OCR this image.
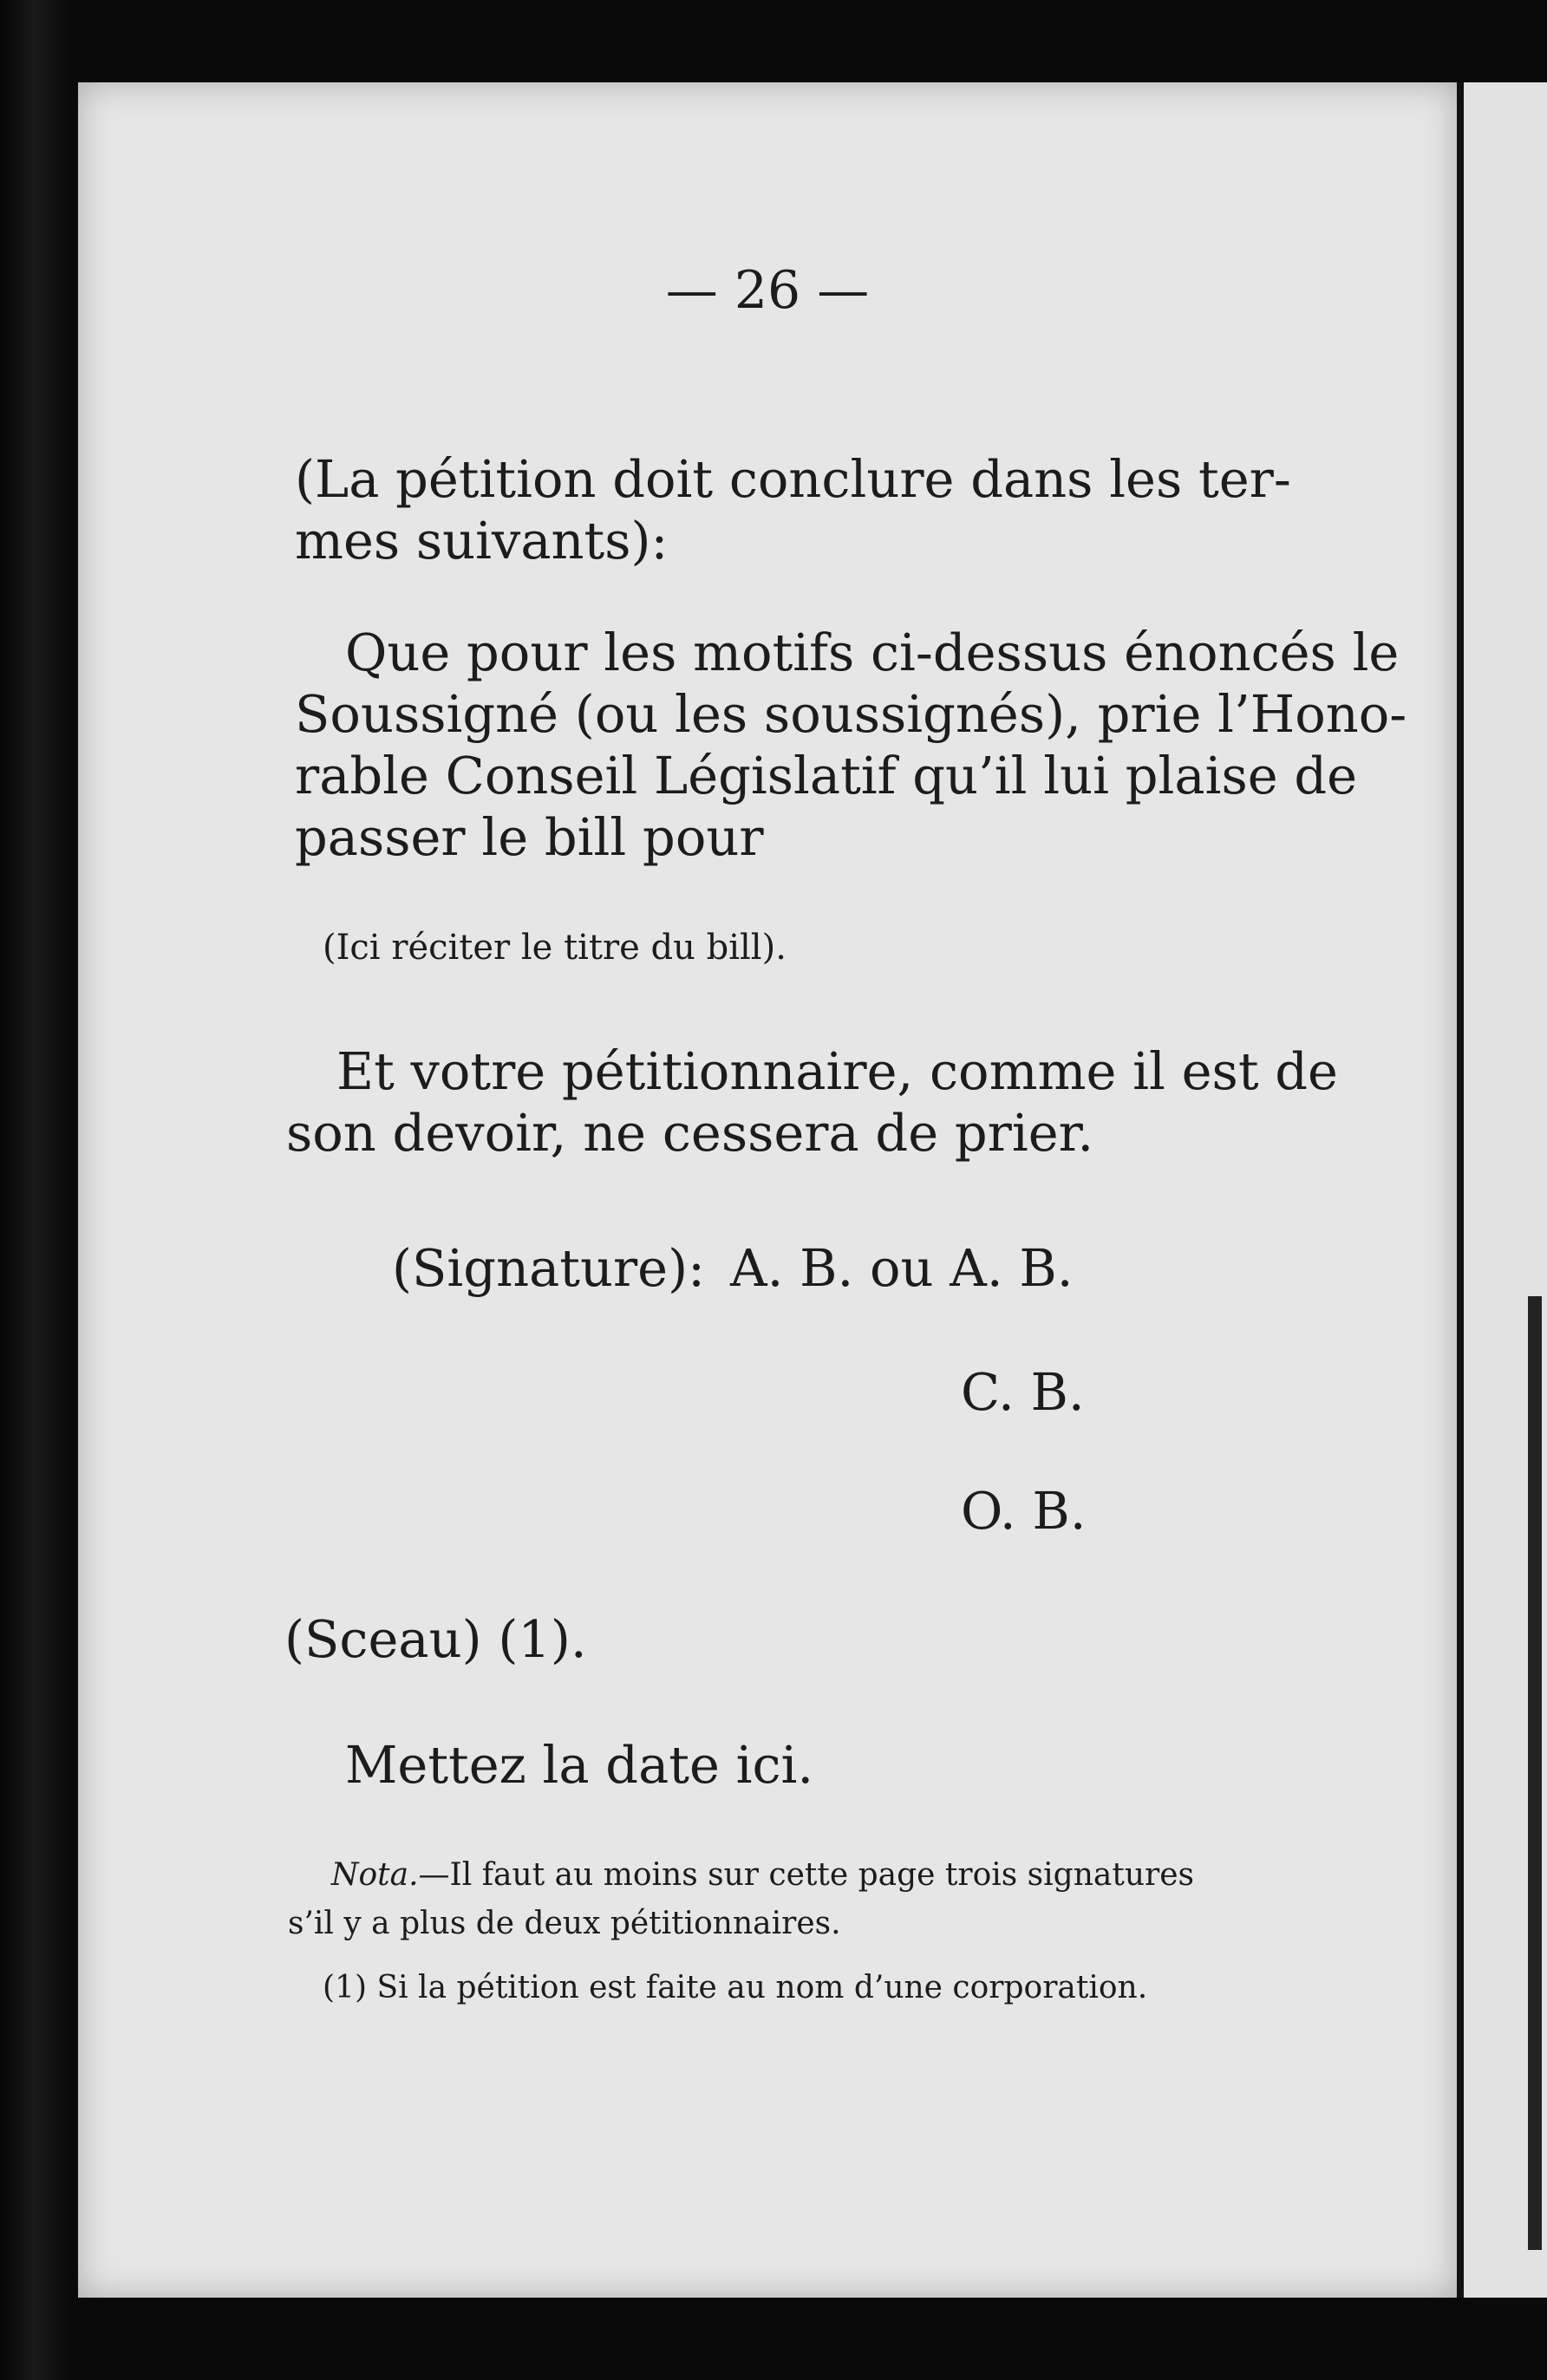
— 26 —
(La pétition doit conclure dans les ter-
mes suivants):
Que pour les motifs ci-dessus énoncés le
Soussigné (ou les soussignés), prie l’Hono-
rable Conseil Législatif qu’il lui plaise de
passer le bill pour
(Ici réciter le titre du bill).
Et votre pétitionnaire, comme il est de
son devoir, ne cessera de prier.
(Signature): A. B. ou A. B.
C. B.
O. B.
(Sceau) (1).
Mettez la date ici.
Nota.—Il faut au moins sur cette page trois signatures
s’il y a plus de deux pétitionnaires.
(1) Si la pétition est faite au nom d’une corporation.
